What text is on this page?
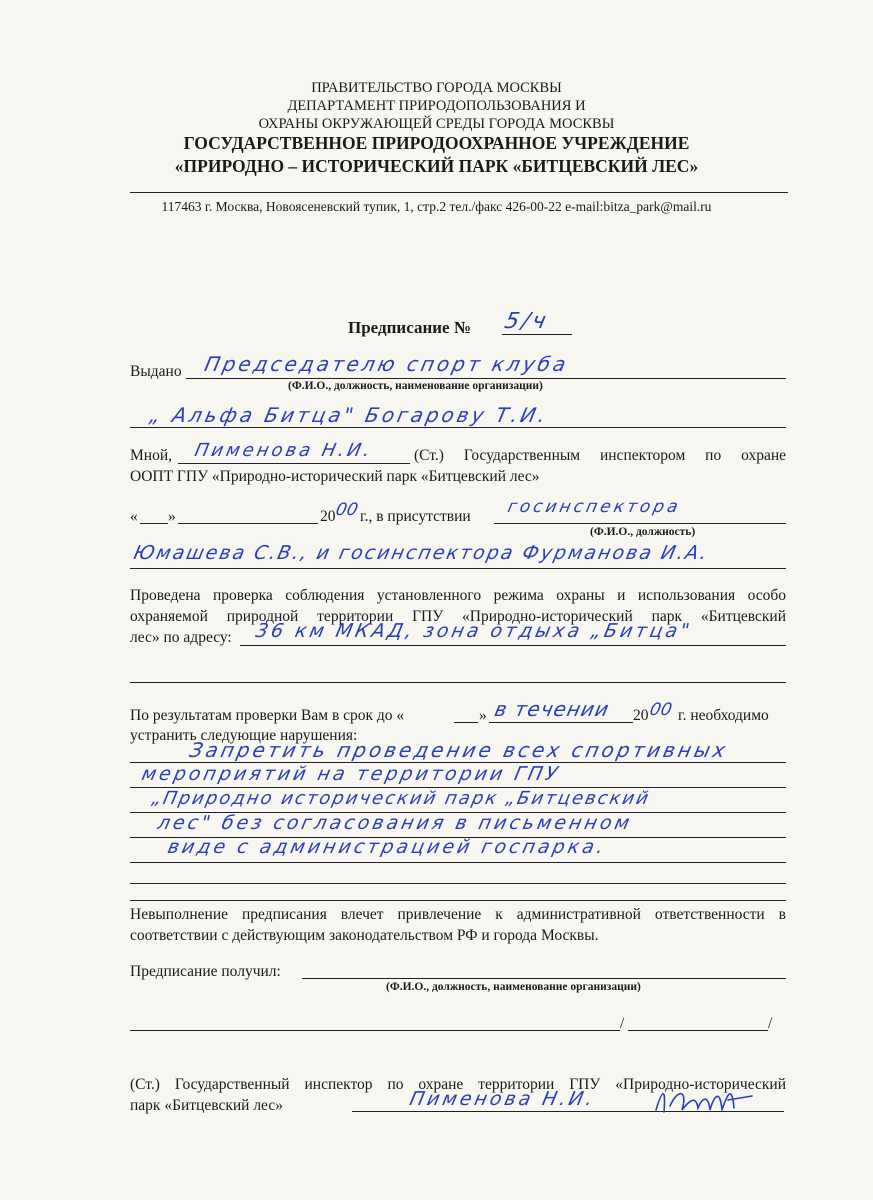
ПРАВИТЕЛЬСТВО ГОРОДА МОСКВЫ
ДЕПАРТАМЕНТ ПРИРОДОПОЛЬЗОВАНИЯ И
ОХРАНЫ ОКРУЖАЮЩЕЙ СРЕДЫ ГОРОДА МОСКВЫ
ГОСУДАРСТВЕННОЕ ПРИРОДООХРАННОЕ УЧРЕЖДЕНИЕ
«ПРИРОДНО – ИСТОРИЧЕСКИЙ ПАРК «БИТЦЕВСКИЙ ЛЕС»
117463 г. Москва, Новоясеневский тупик, 1, стр.2 тел./факс 426-00-22 e-mail:bitza_park@mail.ru
Предписание № 5/ч
Выдано Председателю спорт клуба
(Ф.И.О., должность, наименование организации)
„ Альфа Битца" Богарову Т.И.
Мной, Пименова Н.И.	(Ст.) Государственным инспектором по охране
ООПТ ГПУ «Природно-исторический парк «Битцевский лес»
« »	20
00 г., в присутствии госинспектора
(Ф.И.О., должность)
Юмашева С.В., и госинспектора Фурманова И.А.
Проведена проверка соблюдения установленного режима охраны и использования особо
охраняемой природной территории ГПУ «Природно-исторический парк «Битцевский
лес» по адресу: 36 км МКАД, зона отдыха „Битца"
По результатам проверки Вам в срок до «	» в течении 20 00 г. необходимо
устранить следующие нарушения:
Запретить проведение всех спортивных
мероприятий на территории ГПУ
„Природно исторический парк „Битцевский
лес" без согласования в письменном
виде с администрацией госпарка.
Невыполнение предписания влечет привлечение к административной ответственности в
соответствии с действующим законодательством РФ и города Москвы.
Предписание получил:
(Ф.И.О., должность, наименование организации)
/	/
(Ст.) Государственный инспектор по охране территории ГПУ «Природно-исторический
парк «Битцевский лес»	Пименова Н.И.
